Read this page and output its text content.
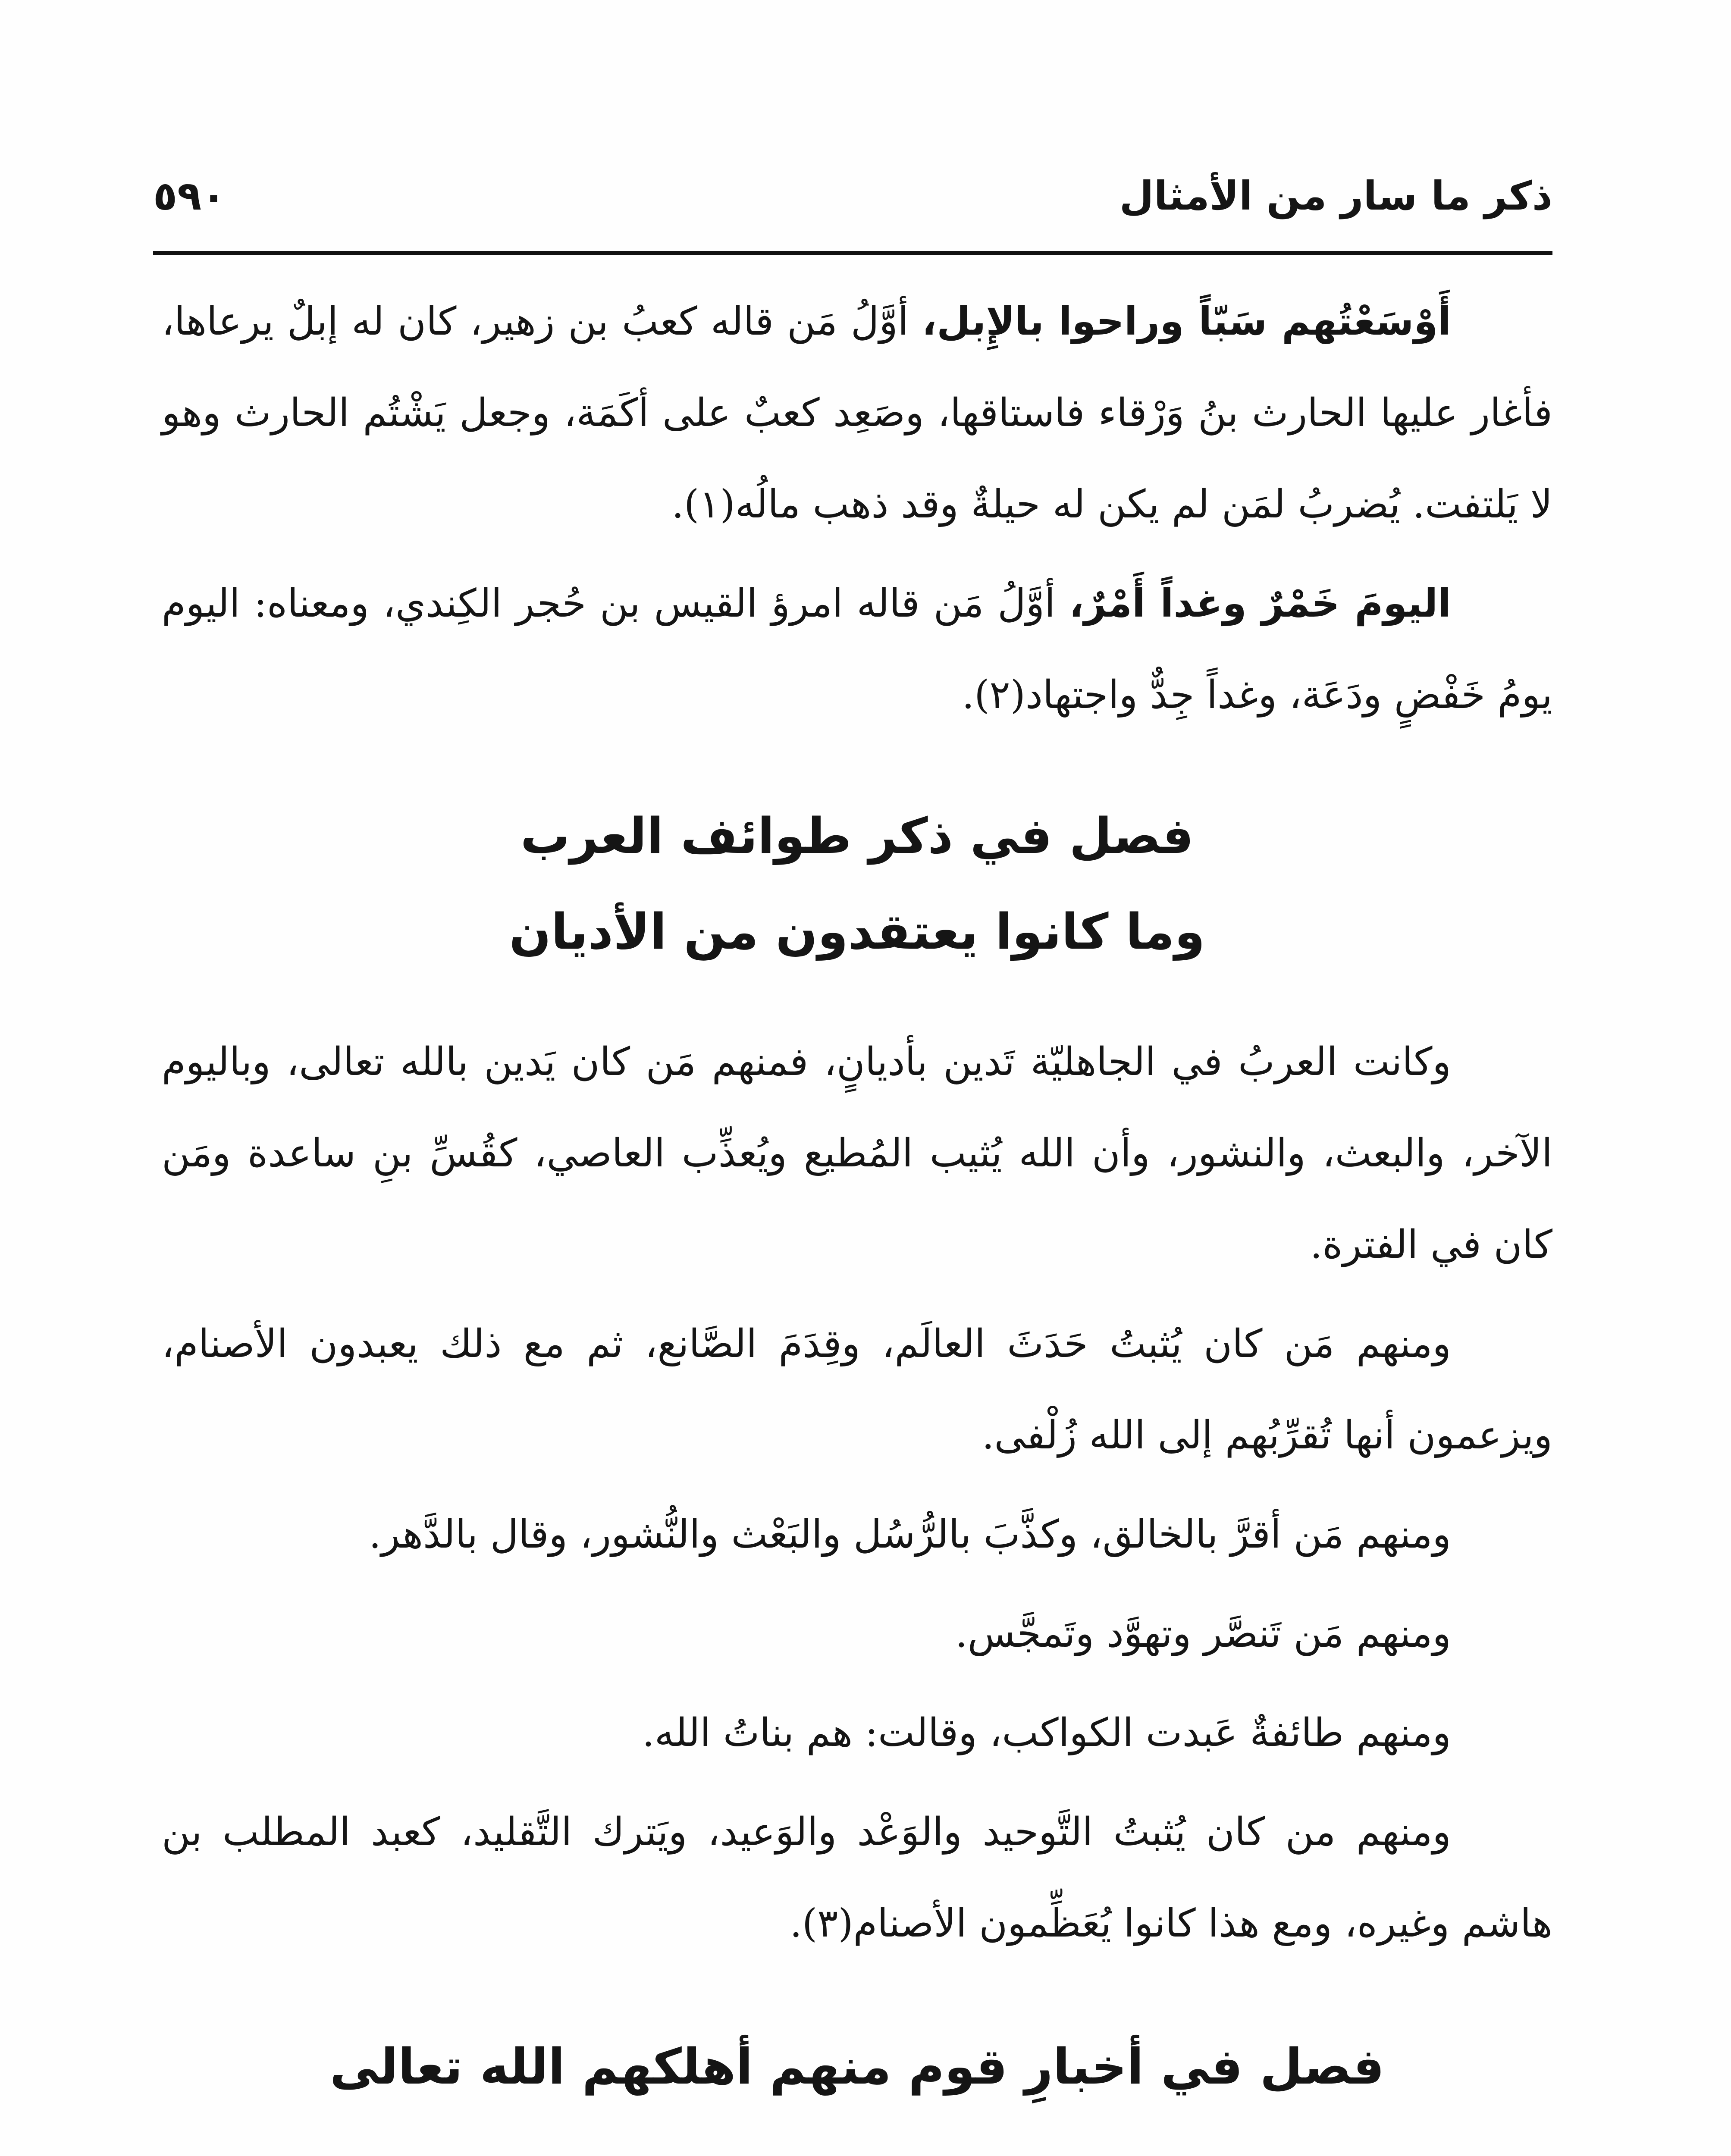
ذكر ما سار من الأمثال
٥٩٠

أَوْسَعْتُهم سَبّاً وراحوا بالإِبل، أوَّلُ مَن قاله كعبُ بن زهير، كان له إبلٌ يرعاها، فأغار عليها الحارث بنُ وَرْقاء فاستاقها، وصَعِد كعبٌ على أكَمَة، وجعل يَشْتُم الحارث وهو لا يَلتفت. يُضربُ لمَن لم يكن له حيلةٌ وقد ذهب مالُه(١).

اليومَ خَمْرٌ وغداً أَمْرٌ، أوَّلُ مَن قاله امرؤ القيس بن حُجر الكِندي، ومعناه: اليوم يومُ خَفْضٍ ودَعَة، وغداً جِدٌّ واجتهاد(٢).

فصل في ذكر طوائف العرب
وما كانوا يعتقدون من الأديان

وكانت العربُ في الجاهليّة تَدين بأديانٍ، فمنهم مَن كان يَدين بالله تعالى، وباليوم الآخر، والبعث، والنشور، وأن الله يُثيب المُطيع ويُعذِّب العاصي، كقُسِّ بنِ ساعدة ومَن كان في الفترة.

ومنهم مَن كان يُثبتُ حَدَثَ العالَم، وقِدَمَ الصَّانع، ثم مع ذلك يعبدون الأصنام، ويزعمون أنها تُقرِّبُهم إلى الله زُلْفى.

ومنهم مَن أقرَّ بالخالق، وكذَّبَ بالرُّسُل والبَعْث والنُّشور، وقال بالدَّهر.

ومنهم مَن تَنصَّر وتهوَّد وتَمجَّس.

ومنهم طائفةٌ عَبدت الكواكب، وقالت: هم بناتُ الله.

ومنهم من كان يُثبتُ التَّوحيد والوَعْد والوَعيد، ويَترك التَّقليد، كعبد المطلب بن هاشم وغيره، ومع هذا كانوا يُعَظِّمون الأصنام(٣).

فصل في أخبارِ قوم منهم أهلكهم الله تعالى
